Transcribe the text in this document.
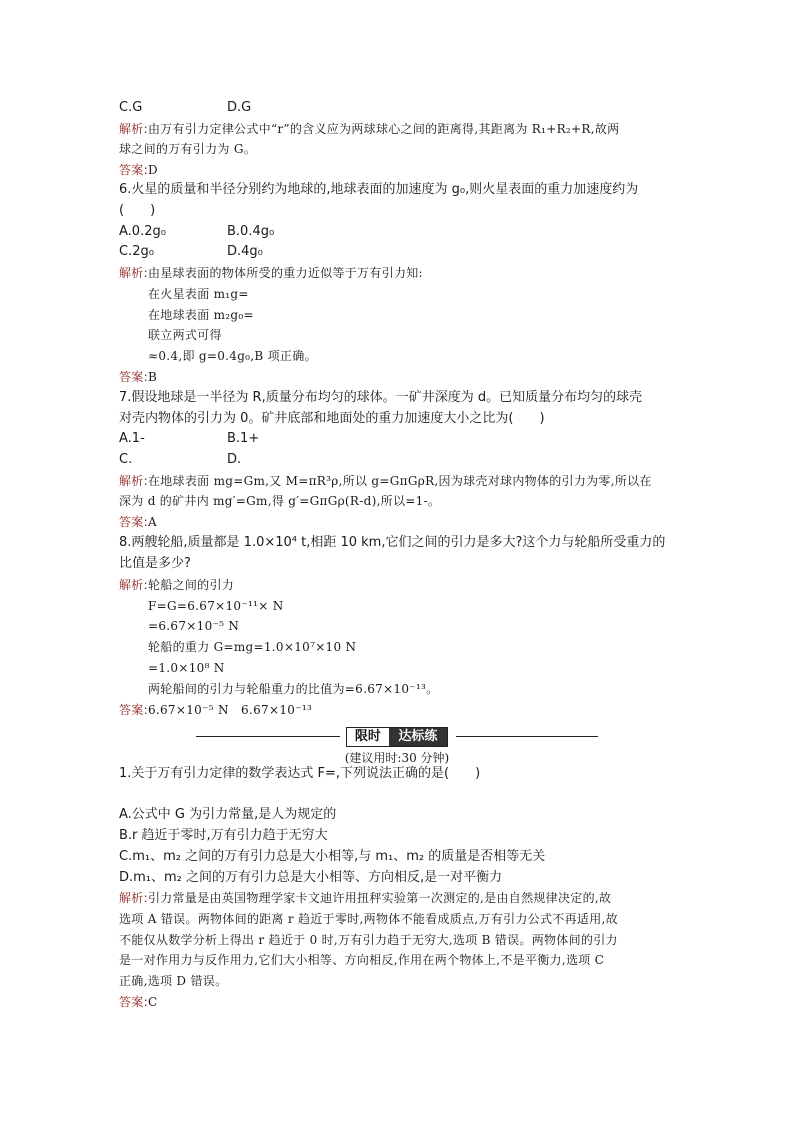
C.G	D.G
解析:由万有引力定律公式中“r”的含义应为两球球心之间的距离得,其距离为 R₁+R₂+R,故两
球之间的万有引力为 G。
答案:D
6.火星的质量和半径分别约为地球的,地球表面的加速度为 g₀,则火星表面的重力加速度约为
(　　)
A.0.2g₀	B.0.4g₀
C.2g₀	D.4g₀
解析:由星球表面的物体所受的重力近似等于万有引力知:
在火星表面 m₁g=
在地球表面 m₂g₀=
联立两式可得
≈0.4,即 g=0.4g₀,B 项正确。
答案:B
7.假设地球是一半径为 R,质量分布均匀的球体。一矿井深度为 d。已知质量分布均匀的球壳
对壳内物体的引力为 0。矿井底部和地面处的重力加速度大小之比为(　　)
A.1-	B.1+
C.	D.
解析:在地球表面 mg=Gm,又 M=πR³ρ,所以 g=GπGρR,因为球壳对球内物体的引力为零,所以在
深为 d 的矿井内 mg′=Gm,得 g′=GπGρ(R-d),所以=1-。
答案:A
8.两艘轮船,质量都是 1.0×10⁴ t,相距 10 km,它们之间的引力是多大?这个力与轮船所受重力的
比值是多少?
解析:轮船之间的引力
F=G=6.67×10⁻¹¹× N
=6.67×10⁻⁵ N
轮船的重力 G=mg=1.0×10⁷×10 N
=1.0×10⁸ N
两轮船间的引力与轮船重力的比值为=6.67×10⁻¹³。
答案:6.67×10⁻⁵ N　6.67×10⁻¹³
1.关于万有引力定律的数学表达式 F=,下列说法正确的是(　　)
A.公式中 G 为引力常量,是人为规定的
B.r 趋近于零时,万有引力趋于无穷大
C.m₁、m₂ 之间的万有引力总是大小相等,与 m₁、m₂ 的质量是否相等无关
D.m₁、m₂ 之间的万有引力总是大小相等、方向相反,是一对平衡力
解析:引力常量是由英国物理学家卡文迪许用扭秤实验第一次测定的,是由自然规律决定的,故
选项 A 错误。两物体间的距离 r 趋近于零时,两物体不能看成质点,万有引力公式不再适用,故
不能仅从数学分析上得出 r 趋近于 0 时,万有引力趋于无穷大,选项 B 错误。两物体间的引力
是一对作用力与反作用力,它们大小相等、方向相反,作用在两个物体上,不是平衡力,选项 C
正确,选项 D 错误。
答案:C
限时	达标练
(建议用时:30 分钟)
